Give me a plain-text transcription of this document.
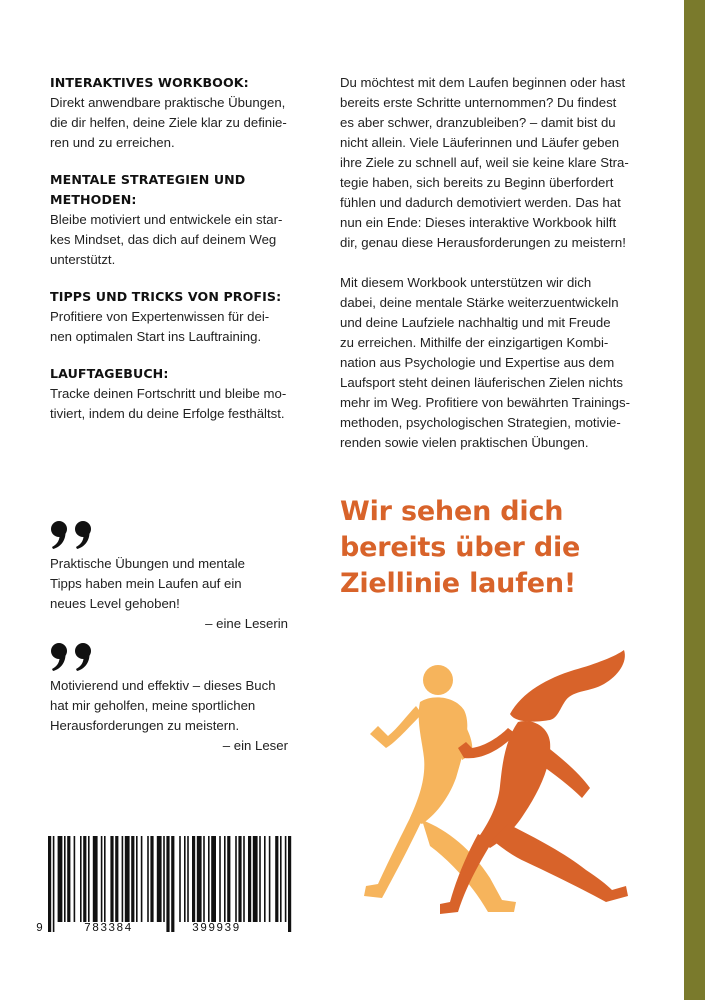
INTERAKTIVES WORKBOOK:
Direkt anwendbare praktische Übungen,
die dir helfen, deine Ziele klar zu definie-
ren und zu erreichen.
MENTALE STRATEGIEN UND METHODEN:
Bleibe motiviert und entwickele ein star-
kes Mindset, das dich auf deinem Weg
unterstützt.
TIPPS UND TRICKS VON PROFIS:
Profitiere von Expertenwissen für dei-
nen optimalen Start ins Lauftraining.
LAUFTAGEBUCH:
Tracke deinen Fortschritt und bleibe mo-
tiviert, indem du deine Erfolge festhältst.
Du möchtest mit dem Laufen beginnen oder hast
bereits erste Schritte unternommen? Du findest
es aber schwer, dranzubleiben? – damit bist du
nicht allein. Viele Läuferinnen und Läufer geben
ihre Ziele zu schnell auf, weil sie keine klare Stra-
tegie haben, sich bereits zu Beginn überfordert
fühlen und dadurch demotiviert werden. Das hat
nun ein Ende: Dieses interaktive Workbook hilft
dir, genau diese Herausforderungen zu meistern!
Mit diesem Workbook unterstützen wir dich
dabei, deine mentale Stärke weiterzuentwickeln
und deine Laufziele nachhaltig und mit Freude
zu erreichen. Mithilfe der einzigartigen Kombi-
nation aus Psychologie und Expertise aus dem
Laufsport steht deinen läuferischen Zielen nichts
mehr im Weg. Profitiere von bewährten Trainings-
methoden, psychologischen Strategien, motivie-
renden sowie vielen praktischen Übungen.
Wir sehen dich
bereits über die
Ziellinie laufen!
Praktische Übungen und mentale
Tipps haben mein Laufen auf ein
neues Level gehoben!
– eine Leserin
Motivierend und effektiv – dieses Buch
hat mir geholfen, meine sportlichen
Herausforderungen zu meistern.
– ein Leser
9	783384	399939
